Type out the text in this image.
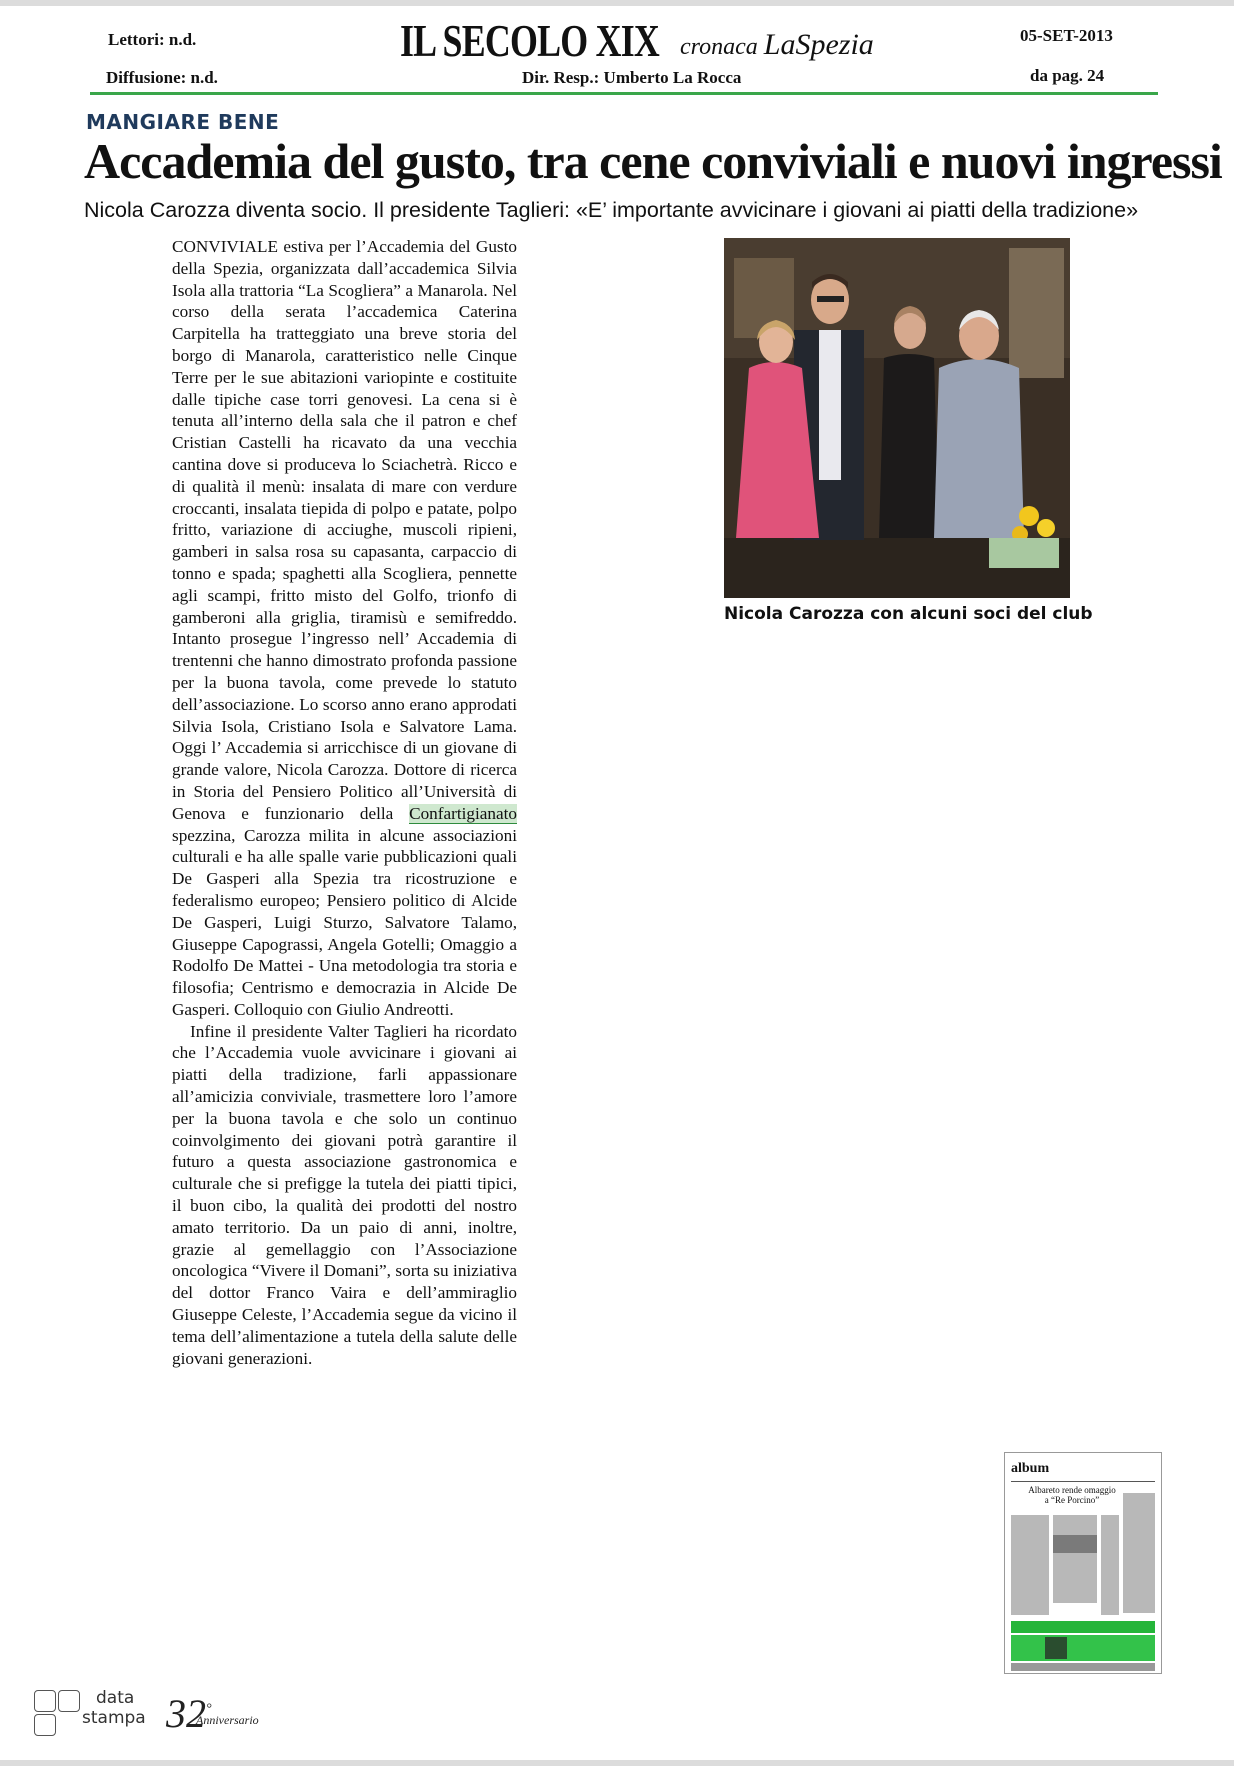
Lettori: n.d.
Diffusione: n.d.
IL SECOLO XIX cronaca LaSpezia
Dir. Resp.: Umberto La Rocca
05-SET-2013
da pag. 24
MANGIARE BENE
Accademia del gusto, tra cene conviviali e nuovi ingressi
Nicola Carozza diventa socio. Il presidente Taglieri: «E’ importante avvicinare i giovani ai piatti della tradizione»

CONVIVIALE estiva per l’Accademia del Gusto della Spezia, organizzata dall’accademica Silvia Isola alla trattoria “La Scogliera” a Manarola. Nel corso della serata l’accademica Caterina Carpitella ha tratteggiato una breve storia del borgo di Manarola, caratteristico nelle Cinque Terre per le sue abitazioni variopinte e costituite dalle tipiche case torri genovesi. La cena si è tenuta all’interno della sala che il patron e chef Cristian Castelli ha ricavato da una vecchia cantina dove si produceva lo Sciachetrà. Ricco e di qualità il menù: insalata di mare con verdure croccanti, insalata tiepida di polpo e patate, polpo fritto, variazione di acciughe, muscoli ripieni, gamberi in salsa rosa su capasanta, carpaccio di tonno e spada; spaghetti alla Scogliera, pennette agli scampi, fritto misto del Golfo, trionfo di gamberoni alla griglia, tiramisù e semifreddo. Intanto prosegue l’ingresso nell’ Accademia di trentenni che hanno dimostrato profonda passione per la buona tavola, come prevede lo statuto dell’associazione. Lo scorso anno erano approdati Silvia Isola, Cristiano Isola e Salvatore Lama. Oggi l’ Accademia si arricchisce di un giovane di grande valore, Nicola Carozza. Dottore di ricerca in Storia del Pensiero Politico all’Università di Genova e funzionario della Confartigianato spezzina, Carozza milita in alcune associazioni culturali e ha alle spalle varie pubblicazioni quali De Gasperi alla Spezia tra ricostruzione e federalismo europeo; Pensiero politico di Alcide De Gasperi, Luigi Sturzo, Salvatore Talamo, Giuseppe Capograssi, Angela Gotelli; Omaggio a Rodolfo De Mattei - Una metodologia tra storia e filosofia; Centrismo e democrazia in Alcide De Gasperi. Colloquio con Giulio Andreotti.

Infine il presidente Valter Taglieri ha ricordato che l’Accademia vuole avvicinare i giovani ai piatti della tradizione, farli appassionare all’amicizia conviviale, trasmettere loro l’amore per la buona tavola e che solo un continuo coinvolgimento dei giovani potrà garantire il futuro a questa associazione gastronomica e culturale che si prefigge la tutela dei piatti tipici, il buon cibo, la qualità dei prodotti del nostro amato territorio. Da un paio di anni, inoltre, grazie al gemellaggio con l’Associazione oncologica “Vivere il Domani”, sorta su iniziativa del dottor Franco Vaira e dell’ammiraglio Giuseppe Celeste, l’Accademia segue da vicino il tema dell’alimentazione a tutela della salute delle giovani generazioni.

Nicola Carozza con alcuni soci del club
album
Albareto rende omaggio
a “Re Porcino”
data
stampa 32°
Anniversario
